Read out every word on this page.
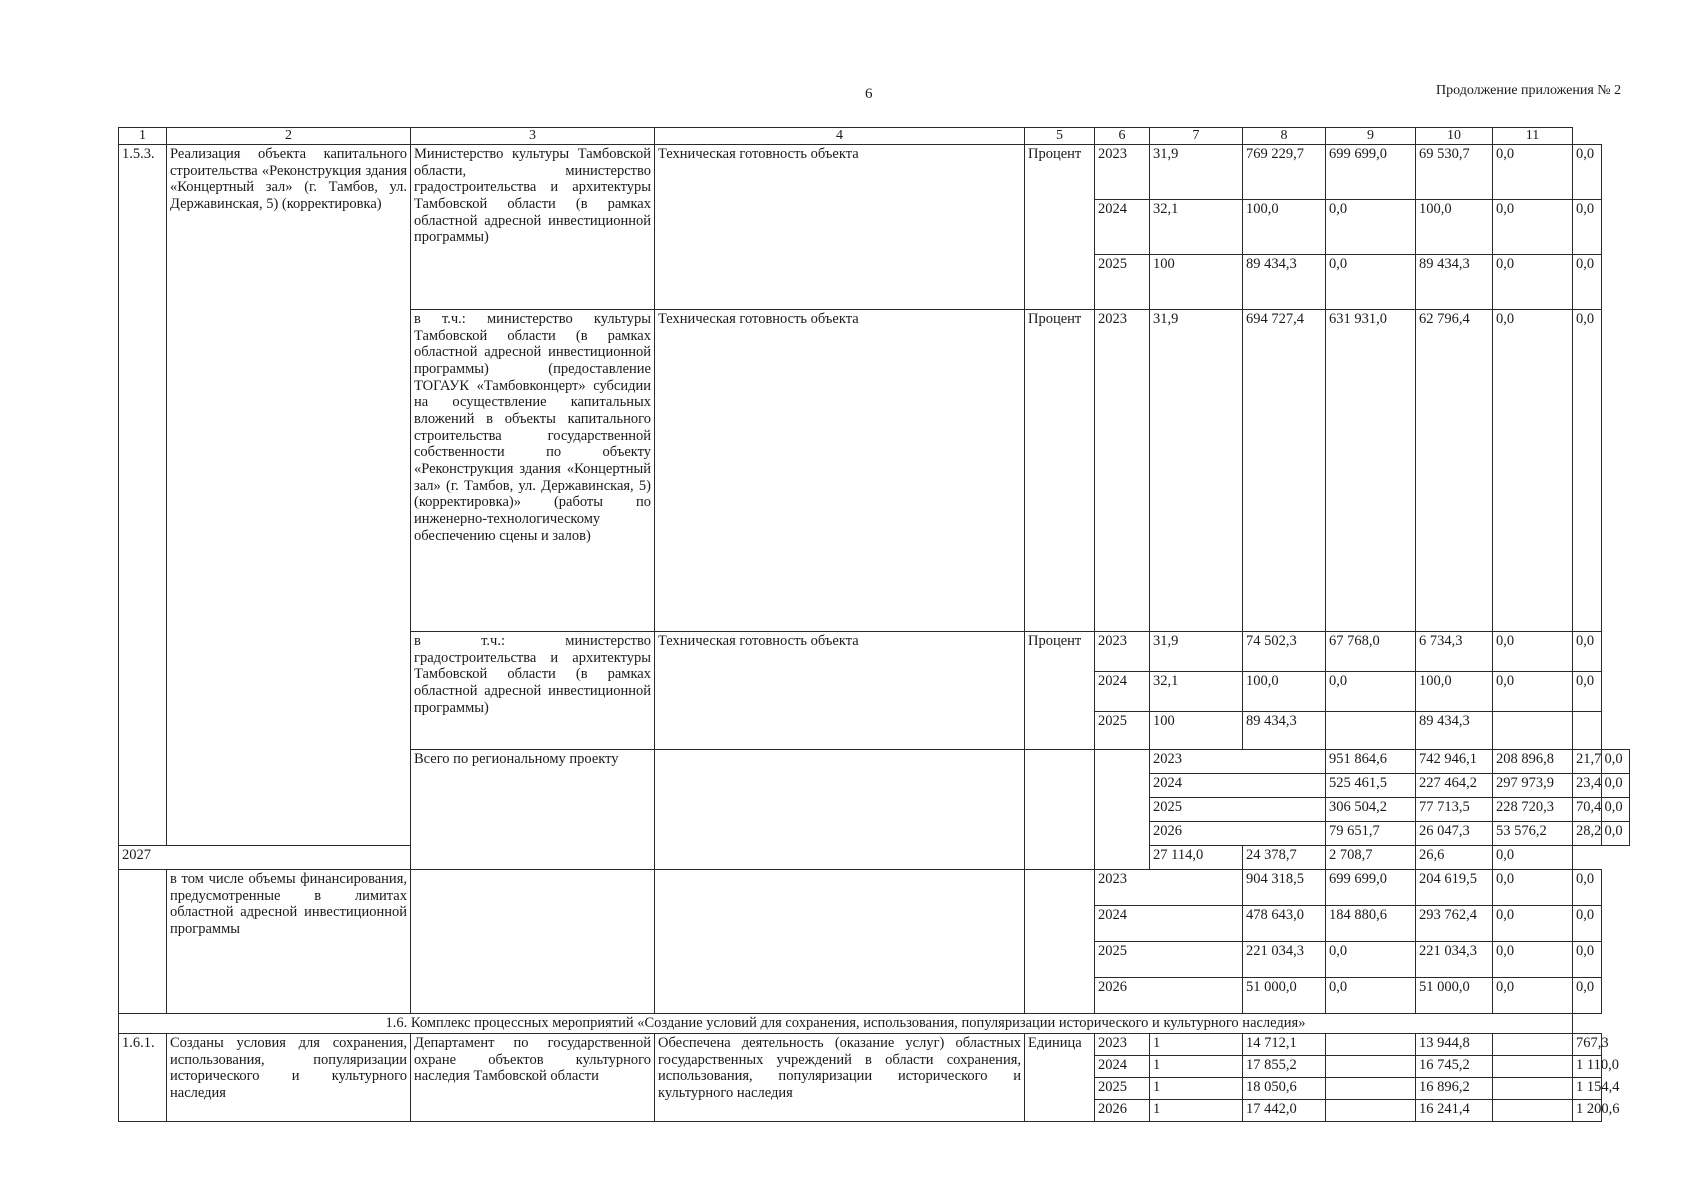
6	Продолжение приложения № 2
1	2	3	4	5	6	7	8	9	10	11		
1.5.3.	Реализация объекта капитального строительства «Реконструкция здания «Концертный зал» (г. Тамбов, ул. Державинская, 5) (корректировка)	Министерство культуры Тамбовской области, министерство градостроительства и архитектуры Тамбовской области (в рамках областной адресной инвестиционной программы)	Техническая готовность объекта	Процент	2023	31,9	769 229,7	699 699,0	69 530,7	0,0	0,0	
					2024	32,1	100,0	0,0	100,0	0,0	0,0	
					2025	100	89 434,3	0,0	89 434,3	0,0	0,0	
		в т.ч.: министерство культуры Тамбовской области (в рамках областной адресной инвестиционной программы) (предоставление ТОГАУК «Тамбовконцерт» субсидии на осуществление капитальных вложений в объекты капитального строительства государственной собственности по объекту «Реконструкция здания «Концертный зал» (г. Тамбов, ул. Державинская, 5) (корректировка)» (работы по инженерно-технологическому обеспечению сцены и залов)	Техническая готовность объекта	Процент	2023	31,9	694 727,4	631 931,0	62 796,4	0,0	0,0	
		в т.ч.: министерство градостроительства и архитектуры Тамбовской области (в рамках областной адресной инвестиционной программы)	Техническая готовность объекта	Процент	2023	31,9	74 502,3	67 768,0	6 734,3	0,0	0,0	
					2024	32,1	100,0	0,0	100,0	0,0	0,0	
					2025	100	89 434,3		89 434,3			
		Всего по региональному проекту				2023		951 864,6	742 946,1	208 896,8	21,7	0,0
						2024		525 461,5	227 464,2	297 973,9	23,4	0,0
						2025		306 504,2	77 713,5	228 720,3	70,4	0,0
						2026		79 651,7	26 047,3	53 576,2	28,2	0,0
2027						27 114,0	24 378,7	2 708,7	26,6	0,0		
	в том числе объемы финансирования, предусмотренные в лимитах областной адресной инвестиционной программы				2023		904 318,5	699 699,0	204 619,5	0,0	0,0	
					2024		478 643,0	184 880,6	293 762,4	0,0	0,0	
					2025		221 034,3	0,0	221 034,3	0,0	0,0	
					2026		51 000,0	0,0	51 000,0	0,0	0,0	
1.6. Комплекс процессных мероприятий «Создание условий для сохранения, использования, популяризации исторического и культурного наследия»												
1.6.1.	Созданы условия для сохранения, использования, популяризации исторического и культурного наследия	Департамент по государственной охране объектов культурного наследия Тамбовской области	Обеспечена деятельность (оказание услуг) областных государственных учреждений в области сохранения, использования, популяризации исторического и культурного наследия	Единица	2023	1	14 712,1		13 944,8		767,3	
					2024	1	17 855,2		16 745,2		1 110,0	
					2025	1	18 050,6		16 896,2		1 154,4	
					2026	1	17 442,0		16 241,4		1 200,6	
